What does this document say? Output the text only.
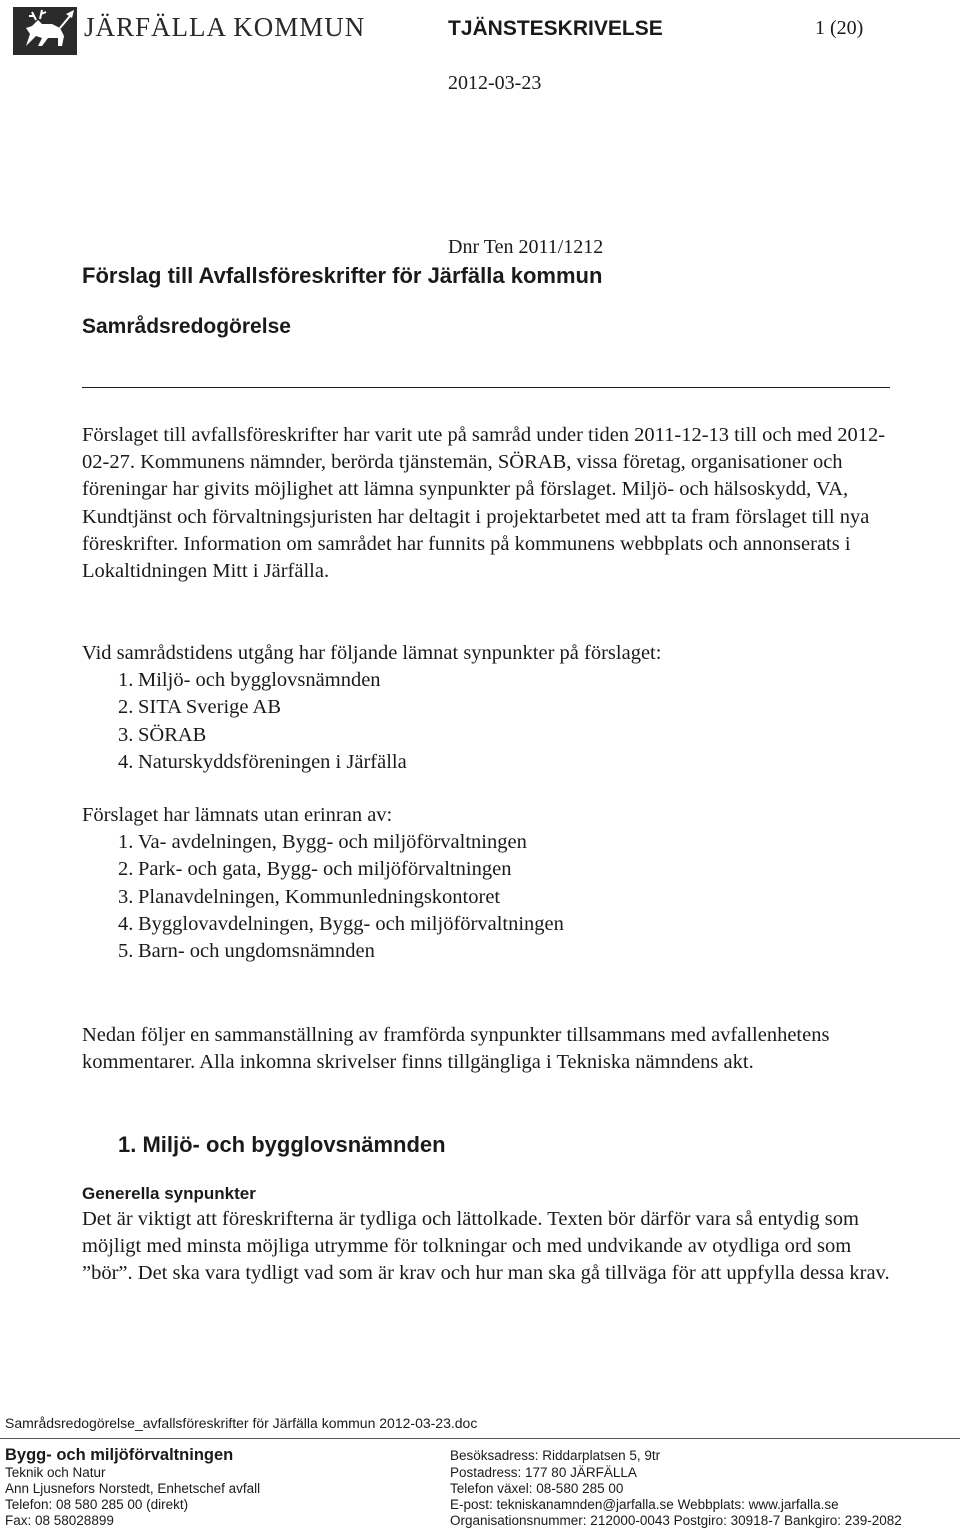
JÄRFÄLLA KOMMUN	TJÄNSTESKRIVELSE	1 (20)
2012-03-23
Dnr Ten 2011/1212
Förslag till Avfallsföreskrifter för Järfälla kommun
Samrådsredogörelse
Förslaget till avfallsföreskrifter har varit ute på samråd under tiden 2011-12-13 till och med 2012-02-27. Kommunens nämnder, berörda tjänstemän, SÖRAB, vissa företag, organisationer och föreningar har givits möjlighet att lämna synpunkter på förslaget. Miljö- och hälsoskydd, VA, Kundtjänst och förvaltningsjuristen har deltagit i projektarbetet med att ta fram förslaget till nya föreskrifter. Information om samrådet har funnits på kommunens webbplats och annonserats i Lokaltidningen Mitt i Järfälla.
Vid samrådstidens utgång har följande lämnat synpunkter på förslaget:
1. Miljö- och bygglovsnämnden
2. SITA Sverige AB
3. SÖRAB
4. Naturskyddsföreningen i Järfälla
Förslaget har lämnats utan erinran av:
1. Va- avdelningen, Bygg- och miljöförvaltningen
2. Park- och gata, Bygg- och miljöförvaltningen
3. Planavdelningen, Kommunledningskontoret
4. Bygglovavdelningen, Bygg- och miljöförvaltningen
5. Barn- och ungdomsnämnden
Nedan följer en sammanställning av framförda synpunkter tillsammans med avfallenhetens kommentarer. Alla inkomna skrivelser finns tillgängliga i Tekniska nämndens akt.
1. Miljö- och bygglovsnämnden
Generella synpunkter
Det är viktigt att föreskrifterna är tydliga och lättolkade. Texten bör därför vara så entydig som möjligt med minsta möjliga utrymme för tolkningar och med undvikande av otydliga ord som ”bör”. Det ska vara tydligt vad som är krav och hur man ska gå tillväga för att uppfylla dessa krav.
Samrådsredogörelse_avfallsföreskrifter för Järfälla kommun 2012-03-23.doc
Bygg- och miljöförvaltningen
Teknik och Natur
Ann Ljusnefors Norstedt, Enhetschef avfall
Telefon: 08 580 285 00 (direkt)
Fax: 08 58028899
Besöksadress: Riddarplatsen 5, 9tr
Postadress: 177 80 JÄRFÄLLA
Telefon växel: 08-580 285 00
E-post: tekniskanamnden@jarfalla.se Webbplats: www.jarfalla.se
Organisationsnummer: 212000-0043 Postgiro: 30918-7 Bankgiro: 239-2082
